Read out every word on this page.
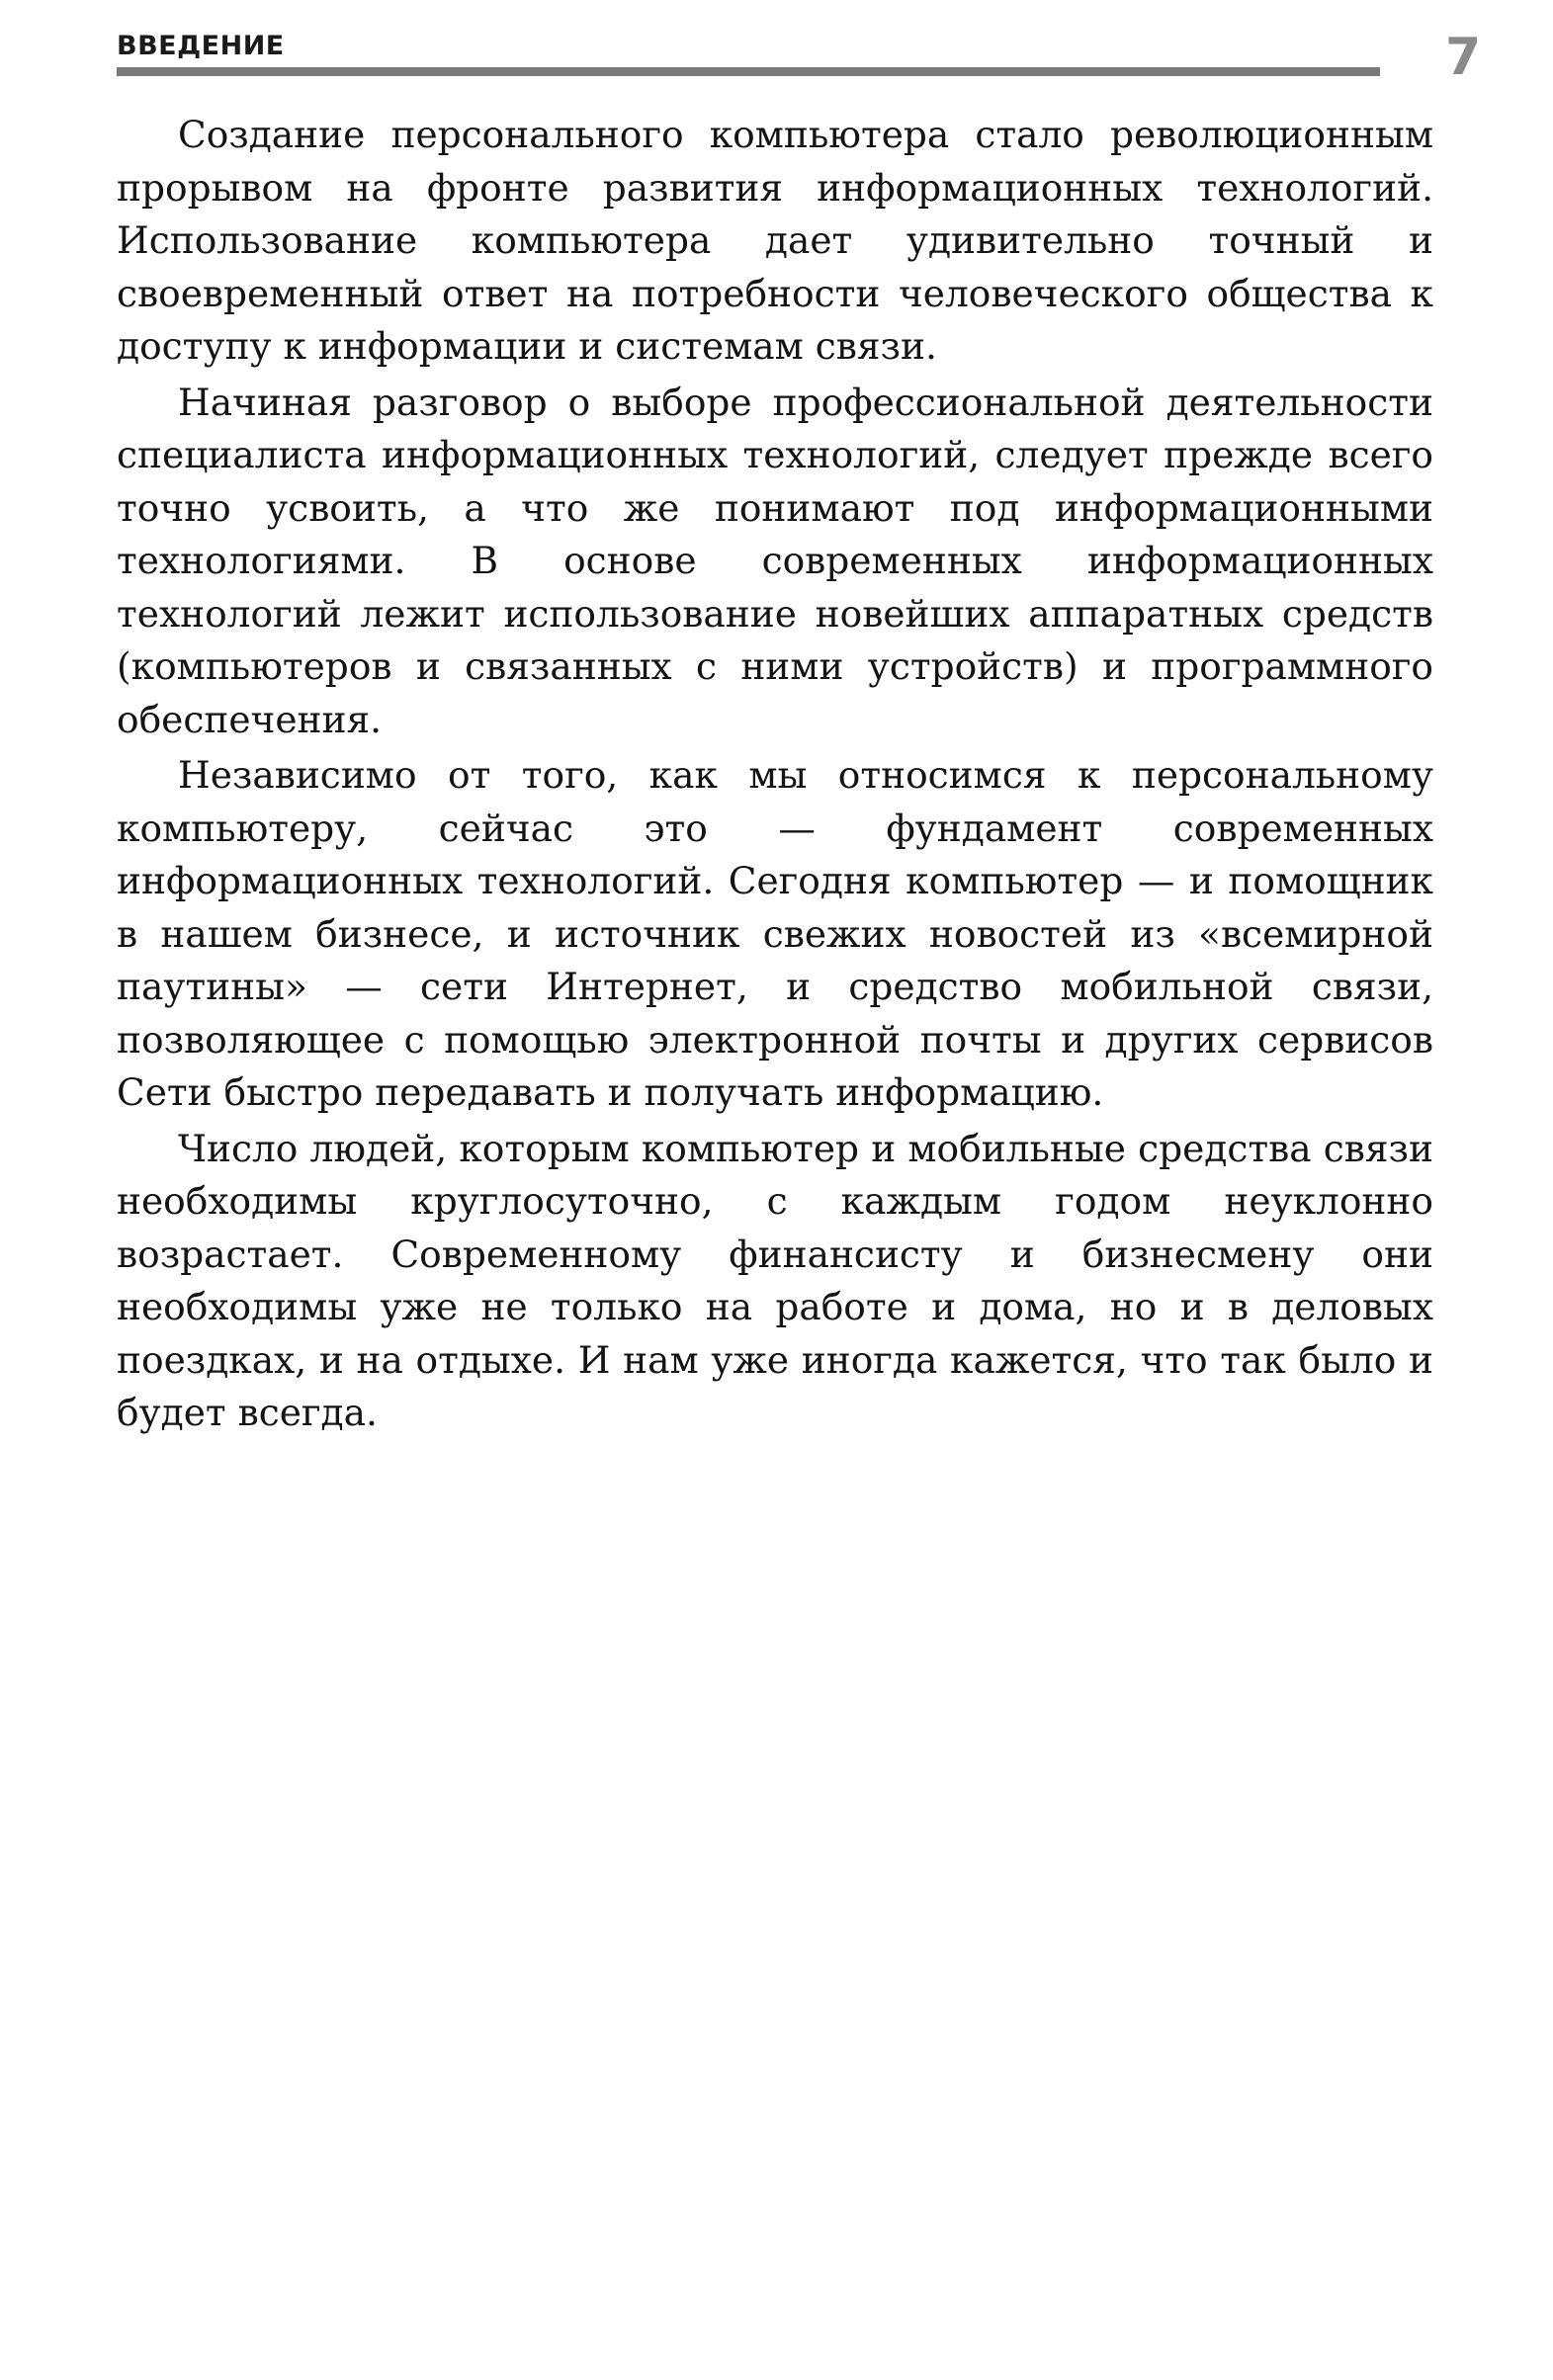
ВВЕДЕНИЕ	7

Создание персонального компьютера стало революционным прорывом на фронте развития информационных технологий. Использование компьютера дает удивительно точный и своевременный ответ на потребности человеческого общества к доступу к информации и системам связи.

Начиная разговор о выборе профессиональной деятельности специалиста информационных технологий, следует прежде всего точно усвоить, а что же понимают под информационными технологиями. В основе современных информационных технологий лежит использование новейших аппаратных средств (компьютеров и связанных с ними устройств) и программного обеспечения.

Независимо от того, как мы относимся к персональному компьютеру, сейчас это — фундамент современных информационных технологий. Сегодня компьютер — и помощник в нашем бизнесе, и источник свежих новостей из «всемирной паутины» — сети Интернет, и средство мобильной связи, позволяющее с помощью электронной почты и других сервисов Сети быстро передавать и получать информацию.

Число людей, которым компьютер и мобильные средства связи необходимы круглосуточно, с каждым годом неуклонно возрастает. Современному финансисту и бизнесмену они необходимы уже не только на работе и дома, но и в деловых поездках, и на отдыхе. И нам уже иногда кажется, что так было и будет всегда.
